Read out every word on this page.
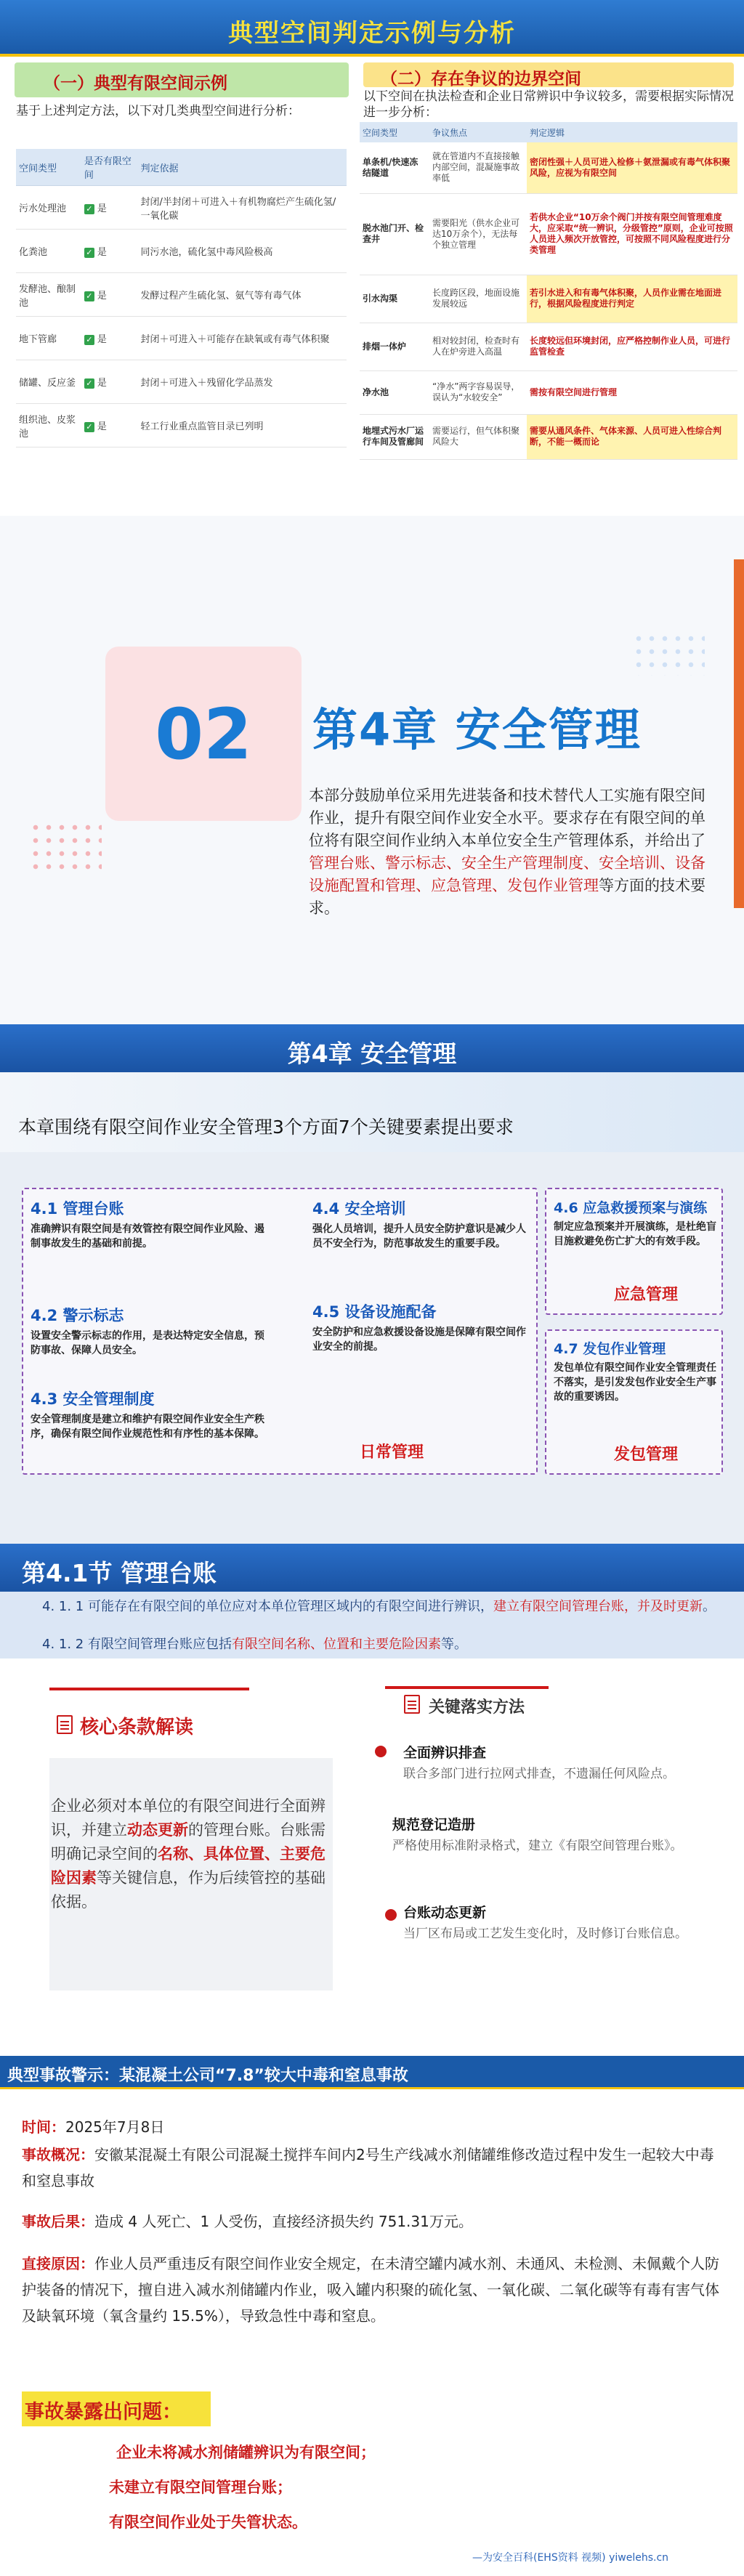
典型空间判定示例与分析
（一）典型有限空间示例	（二）存在争议的边界空间
基于上述判定方法，以下对几类典型空间进行分析：
以下空间在执法检查和企业日常辨识中争议较多，需要根据实际情况进一步分析：
空间类型	是否有限空间	判定依据
污水处理池	✓ 是	封闭/半封闭＋可进入＋有机物腐烂产生硫化氢/一氧化碳
化粪池	✓ 是	同污水池，硫化氢中毒风险极高
发酵池、酿制池	✓ 是	发酵过程产生硫化氢、氨气等有毒气体
地下管廊	✓ 是	封闭＋可进入＋可能存在缺氧或有毒气体积聚
储罐、反应釜	✓ 是	封闭＋可进入＋残留化学品蒸发
组织池、皮浆池	✓ 是	轻工行业重点监管目录已列明
空间类型	争议焦点	判定逻辑
单条机/快速冻结隧道	就在管道内不直接接触内部空间，混凝施事故率低	密闭性强＋人员可进入检修＋氨泄漏或有毒气体积聚风险，应视为有限空间
脱水池门开、检查井	需要阳光（供水企业可达10万余个），无法每个独立管理	若供水企业“10万余个阀门并按有限空间管理难度大，应采取“统一辨识，分级管控”原则，企业可按照人员进入频次开放管控，可按照不同风险程度进行分类管理
引水沟渠	长度跨区段，地面设施发展较远	若引水进入和有毒气体积聚，人员作业需在地面进行，根据风险程度进行判定
排烟一体炉	相对较封闭，检查时有人在炉旁进入高温	长度较远但环境封闭，应严格控制作业人员，可进行监管检查
净水池	“净水”两字容易误导，误认为“水较安全”	需按有限空间进行管理
地埋式污水厂运行车间及管廊间	需要运行，但气体积聚风险大	需要从通风条件、气体来源、人员可进入性综合判断，不能一概而论
02	第4章 安全管理
本部分鼓励单位采用先进装备和技术替代人工实施有限空间作业，提升有限空间作业安全水平。要求存在有限空间的单位将有限空间作业纳入本单位安全生产管理体系，并给出了管理台账、警示标志、安全生产管理制度、安全培训、设备设施配置和管理、应急管理、发包作业管理等方面的技术要求。
第4章 安全管理
本章围绕有限空间作业安全管理3个方面7个关键要素提出要求
4.1 管理台账
准确辨识有限空间是有效管控有限空间作业风险、遏制事故发生的基础和前提。
4.2 警示标志
设置安全警示标志的作用，是表达特定安全信息，预防事故、保障人员安全。
4.3 安全管理制度
安全管理制度是建立和维护有限空间作业安全生产秩序，确保有限空间作业规范性和有序性的基本保障。
4.4 安全培训
强化人员培训，提升人员安全防护意识是减少人员不安全行为，防范事故发生的重要手段。
4.5 设备设施配备
安全防护和应急救援设备设施是保障有限空间作业安全的前提。
4.6 应急救援预案与演练
制定应急预案并开展演练，是杜绝盲目施救避免伤亡扩大的有效手段。
4.7 发包作业管理
发包单位有限空间作业安全管理责任不落实，是引发发包作业安全生产事故的重要诱因。
日常管理
应急管理
发包管理
第4.1节 管理台账
4. 1. 1 可能存在有限空间的单位应对本单位管理区域内的有限空间进行辨识，建立有限空间管理台账，并及时更新。
4. 1. 2 有限空间管理台账应包括有限空间名称、位置和主要危险因素等。
核心条款解读
企业必须对本单位的有限空间进行全面辨识，并建立动态更新的管理台账。台账需明确记录空间的名称、具体位置、主要危险因素等关键信息，作为后续管控的基础依据。
关键落实方法
全面辨识排查
联合多部门进行拉网式排查，不遗漏任何风险点。
规范登记造册
严格使用标准附录格式，建立《有限空间管理台账》。
台账动态更新
当厂区布局或工艺发生变化时，及时修订台账信息。
典型事故警示：某混凝土公司“7.8”较大中毒和窒息事故
时间：2025年7月8日
事故概况：安徽某混凝土有限公司混凝土搅拌车间内2号生产线减水剂储罐维修改造过程中发生一起较大中毒和窒息事故
事故后果：造成 4 人死亡、1 人受伤，直接经济损失约 751.31万元。
直接原因：作业人员严重违反有限空间作业安全规定，在未清空罐内减水剂、未通风、未检测、未佩戴个人防护装备的情况下，擅自进入减水剂储罐内作业，吸入罐内积聚的硫化氢、一氧化碳、二氧化碳等有毒有害气体及缺氧环境（氧含量约 15.5%），导致急性中毒和窒息。
事故暴露出问题：
企业未将减水剂储罐辨识为有限空间；
未建立有限空间管理台账；
有限空间作业处于失管状态。
—为安全百科(EHS资料 视频) yiwelehs.cn
